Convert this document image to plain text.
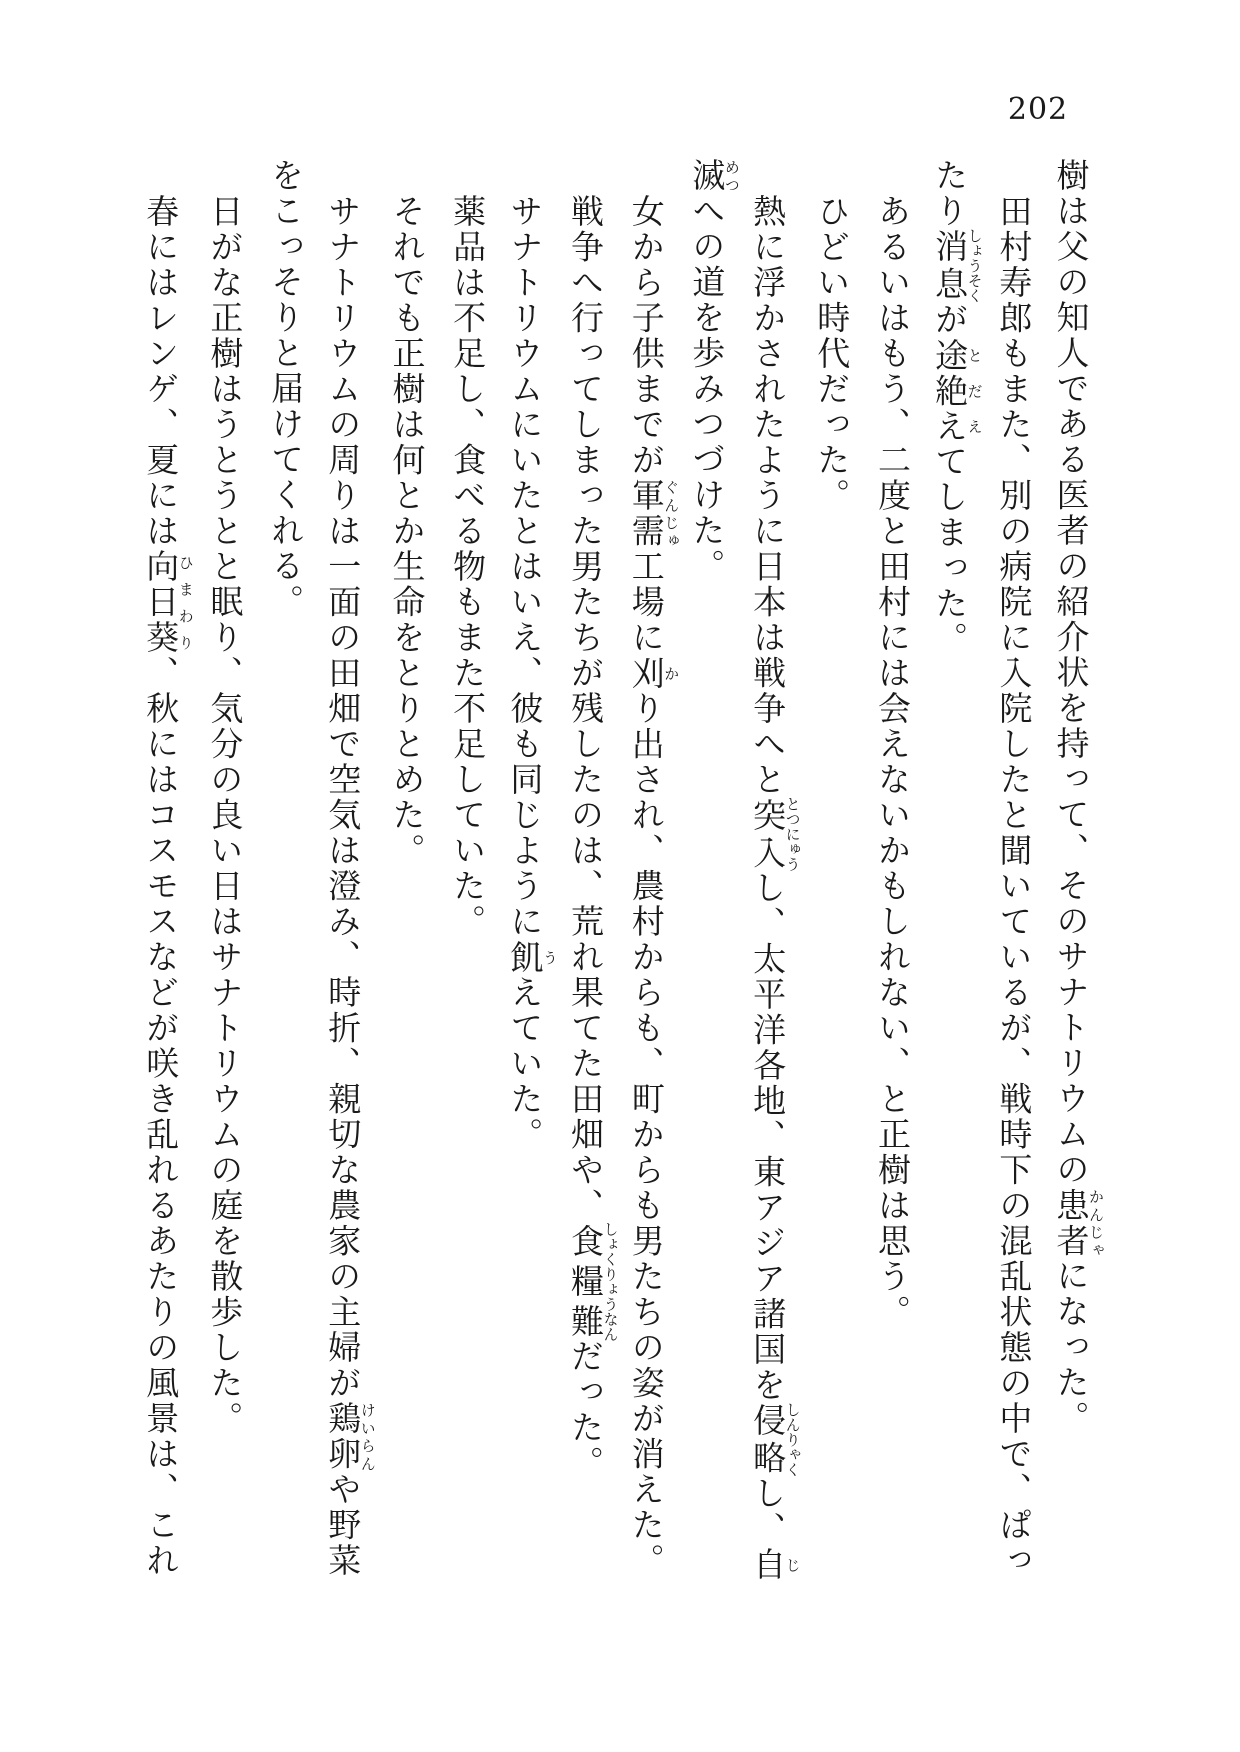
202
樹は父の知人である医者の紹介状を持って、そのサナトリウムの患者かんじゃになった。
田村寿郎もまた、別の病院に入院したと聞いているが、戦時下の混乱状態の中で、ぱっ
たり消息しょうそくが途絶えとだえてしまった。
あるいはもう、二度と田村には会えないかもしれない、と正樹は思う。
ひどい時代だった。
熱に浮かされたように日本は戦争へと突入とつにゅうし、太平洋各地、東アジア諸国を侵略しんりゃくし、自じ
滅めつへの道を歩みつづけた。
女から子供までが軍需ぐんじゅ工場に刈かり出され、農村からも、町からも男たちの姿が消えた。
戦争へ行ってしまった男たちが残したのは、荒れ果てた田畑や、食糧難しょくりょうなんだった。
サナトリウムにいたとはいえ、彼も同じように飢うえていた。
薬品は不足し、食べる物もまた不足していた。
それでも正樹は何とか生命をとりとめた。
サナトリウムの周りは一面の田畑で空気は澄み、時折、親切な農家の主婦が鶏卵けいらんや野菜
をこっそりと届けてくれる。
日がな正樹はうとうとと眠り、気分の良い日はサナトリウムの庭を散歩した。
春にはレンゲ、夏には向日葵ひまわり、秋にはコスモスなどが咲き乱れるあたりの風景は、これ
